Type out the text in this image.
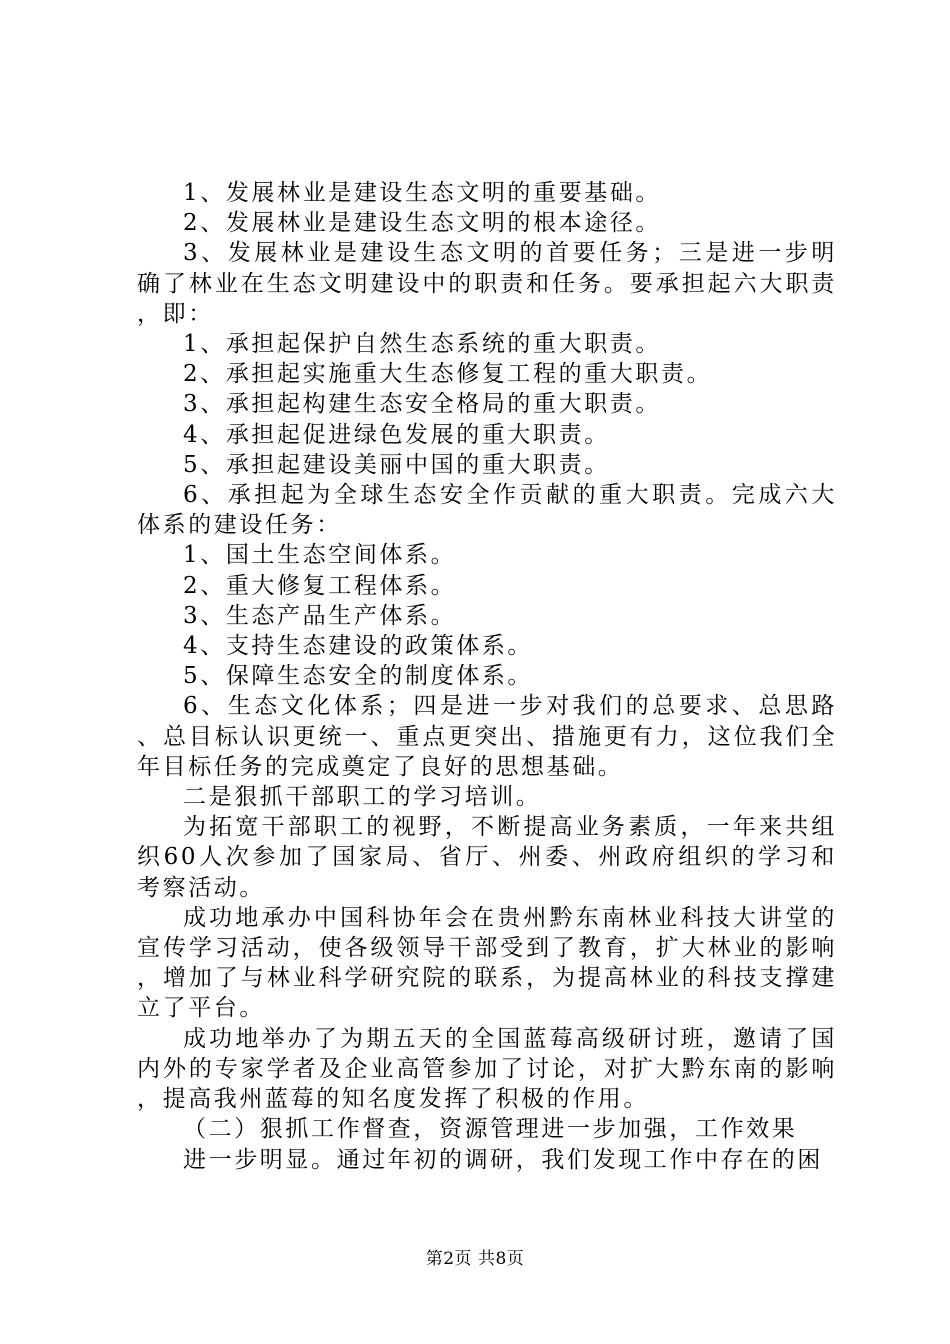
1、发展林业是建设生态文明的重要基础。

2、发展林业是建设生态文明的根本途径。

3、发展林业是建设生态文明的首要任务；三是进一步明确了林业在生态文明建设中的职责和任务。要承担起六大职责，即：

1、承担起保护自然生态系统的重大职责。

2、承担起实施重大生态修复工程的重大职责。

3、承担起构建生态安全格局的重大职责。

4、承担起促进绿色发展的重大职责。

5、承担起建设美丽中国的重大职责。

6、承担起为全球生态安全作贡献的重大职责。完成六大体系的建设任务：

1、国土生态空间体系。

2、重大修复工程体系。

3、生态产品生产体系。

4、支持生态建设的政策体系。

5、保障生态安全的制度体系。

6、生态文化体系；四是进一步对我们的总要求、总思路、总目标认识更统一、重点更突出、措施更有力，这位我们全年目标任务的完成奠定了良好的思想基础。

二是狠抓干部职工的学习培训。

为拓宽干部职工的视野，不断提高业务素质，一年来共组织60人次参加了国家局、省厅、州委、州政府组织的学习和考察活动。

成功地承办中国科协年会在贵州黔东南林业科技大讲堂的宣传学习活动，使各级领导干部受到了教育，扩大林业的影响，增加了与林业科学研究院的联系，为提高林业的科技支撑建立了平台。

成功地举办了为期五天的全国蓝莓高级研讨班，邀请了国内外的专家学者及企业高管参加了讨论，对扩大黔东南的影响，提高我州蓝莓的知名度发挥了积极的作用。

（二）狠抓工作督查，资源管理进一步加强，工作效果

进一步明显。通过年初的调研，我们发现工作中存在的困

第2页 共8页
